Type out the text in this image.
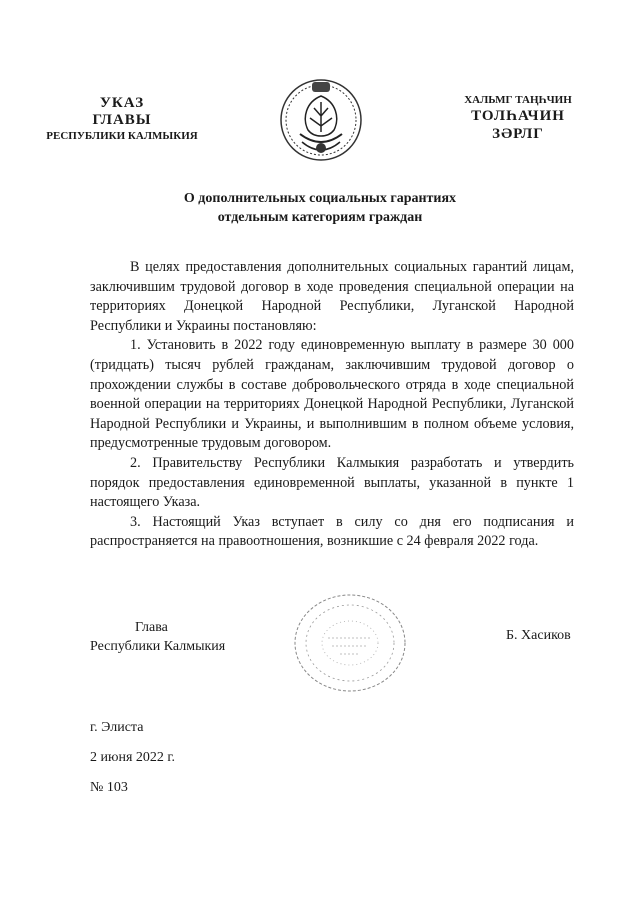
УКАЗ
ГЛАВЫ
РЕСПУБЛИКИ КАЛМЫКИЯ
ХАЛЬМГ ТАҢҺЧИН
ТОЛҺАЧИН
ЗӘРЛГ
О дополнительных социальных гарантиях
отдельным категориям граждан

В целях предоставления дополнительных социальных гарантий лицам, заключившим трудовой договор в ходе проведения специальной операции на территориях Донецкой Народной Республики, Луганской Народной Республики и Украины постановляю:

1. Установить в 2022 году единовременную выплату в размере 30 000 (тридцать) тысяч рублей гражданам, заключившим трудовой договор о прохождении службы в составе добровольческого отряда в ходе специальной военной операции на территориях Донецкой Народной Республики, Луганской Народной Республики и Украины, и выполнившим в полном объеме условия, предусмотренные трудовым договором.

2. Правительству Республики Калмыкия разработать и утвердить порядок предоставления единовременной выплаты, указанной в пункте 1 настоящего Указа.

3. Настоящий Указ вступает в силу со дня его подписания и распространяется на правоотношения, возникшие с 24 февраля 2022 года.

Глава
Республики Калмыкия
Б. Хасиков
г. Элиста
2 июня 2022 г.
№ 103
